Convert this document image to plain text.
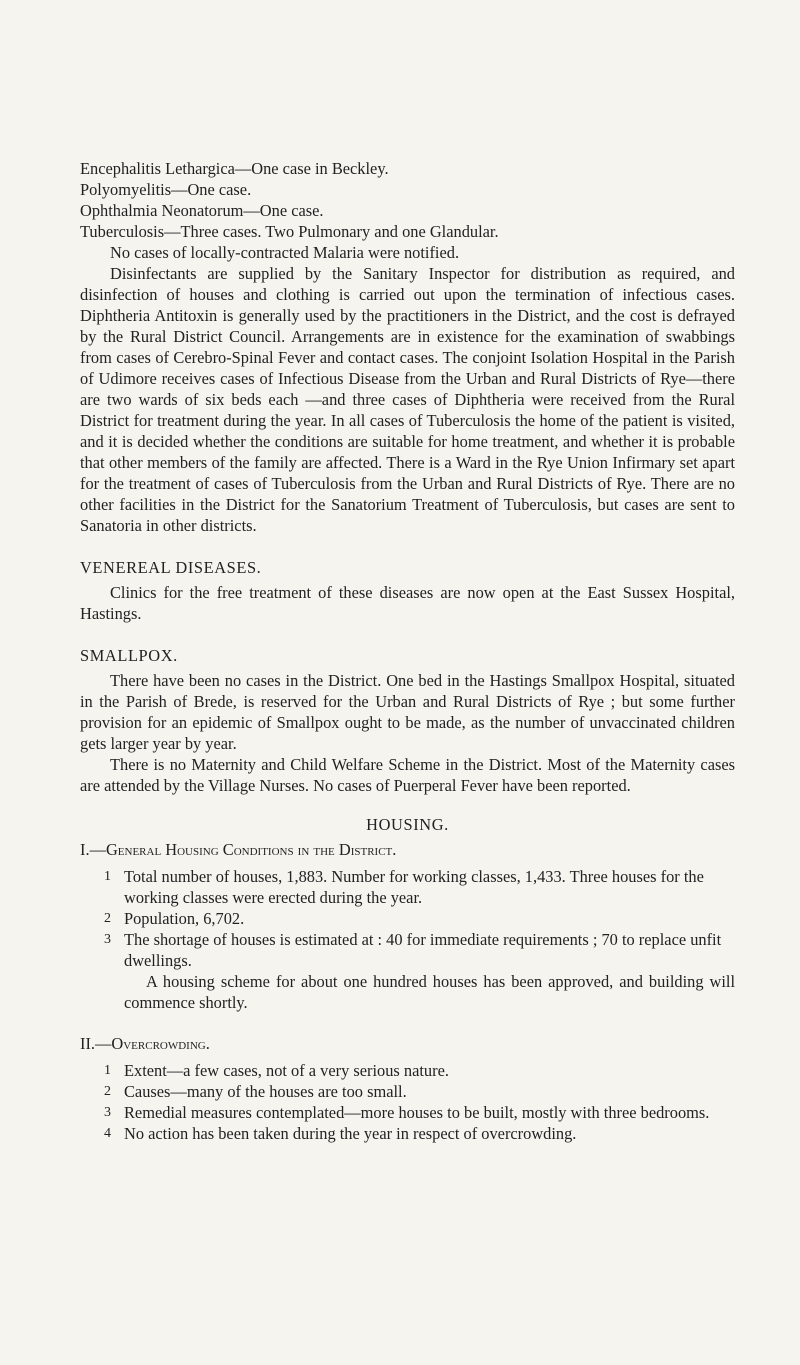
Encephalitis Lethargica—One case in Beckley.

Polyomyelitis—One case.

Ophthalmia Neonatorum—One case.

Tuberculosis—Three cases. Two Pulmonary and one Glandular.

No cases of locally-contracted Malaria were notified.

Disinfectants are supplied by the Sanitary Inspector for distribution as required, and disinfection of houses and clothing is carried out upon the termination of infectious cases. Diphtheria Antitoxin is generally used by the practitioners in the District, and the cost is defrayed by the Rural District Council. Arrangements are in existence for the examination of swabbings from cases of Cerebro-Spinal Fever and contact cases. The conjoint Isolation Hospital in the Parish of Udimore receives cases of Infectious Disease from the Urban and Rural Districts of Rye—there are two wards of six beds each —and three cases of Diphtheria were received from the Rural District for treatment during the year. In all cases of Tuberculosis the home of the patient is visited, and it is decided whether the conditions are suitable for home treatment, and whether it is probable that other members of the family are affected. There is a Ward in the Rye Union Infirmary set apart for the treatment of cases of Tuberculosis from the Urban and Rural Districts of Rye. There are no other facilities in the District for the Sanatorium Treatment of Tuberculosis, but cases are sent to Sanatoria in other districts.

VENEREAL DISEASES.

Clinics for the free treatment of these diseases are now open at the East Sussex Hospital, Hastings.

SMALLPOX.

There have been no cases in the District. One bed in the Hastings Smallpox Hospital, situated in the Parish of Brede, is reserved for the Urban and Rural Districts of Rye ; but some further provision for an epidemic of Smallpox ought to be made, as the number of unvaccinated children gets larger year by year.

There is no Maternity and Child Welfare Scheme in the District. Most of the Maternity cases are attended by the Village Nurses. No cases of Puerperal Fever have been reported.

HOUSING.

I.—General Housing Conditions in the District.

1 Total number of houses, 1,883. Number for working classes, 1,433. Three houses for the working classes were erected during the year.
2 Population, 6,702.
3 The shortage of houses is estimated at : 40 for immediate requirements ; 70 to replace unfit dwellings.

A housing scheme for about one hundred houses has been approved, and building will commence shortly.

II.—Overcrowding.

1 Extent—a few cases, not of a very serious nature.
2 Causes—many of the houses are too small.
3 Remedial measures contemplated—more houses to be built, mostly with three bedrooms.
4 No action has been taken during the year in respect of overcrowding.
